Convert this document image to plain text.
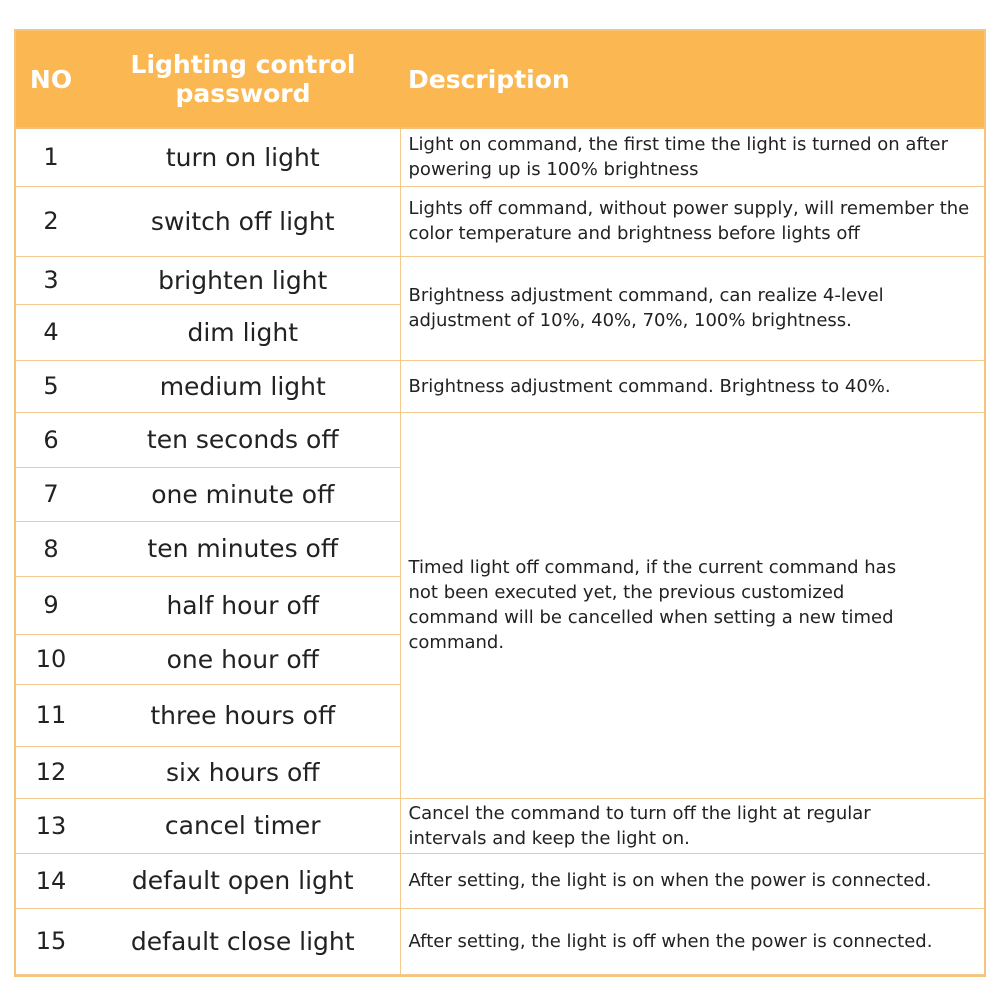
NO	Lighting control password	Description
1	turn on light	Light on command, the first time the light is turned on after powering up is 100% brightness
2	switch off light	Lights off command, without power supply, will remember the color temperature and brightness before lights off
3	brighten light	Brightness adjustment command, can realize 4-level adjustment of 10%, 40%, 70%, 100% brightness.
4	dim light	
5	medium light	Brightness adjustment command. Brightness to 40%.
6	ten seconds off	Timed light off command, if the current command has not been executed yet, the previous customized command will be cancelled when setting a new timed command.
7	one minute off	
8	ten minutes off	
9	half hour off	
10	one hour off	
11	three hours off	
12	six hours off	
13	cancel timer	Cancel the command to turn off the light at regular intervals and keep the light on.
14	default open light	After setting, the light is on when the power is connected.
15	default close light	After setting, the light is off when the power is connected.
